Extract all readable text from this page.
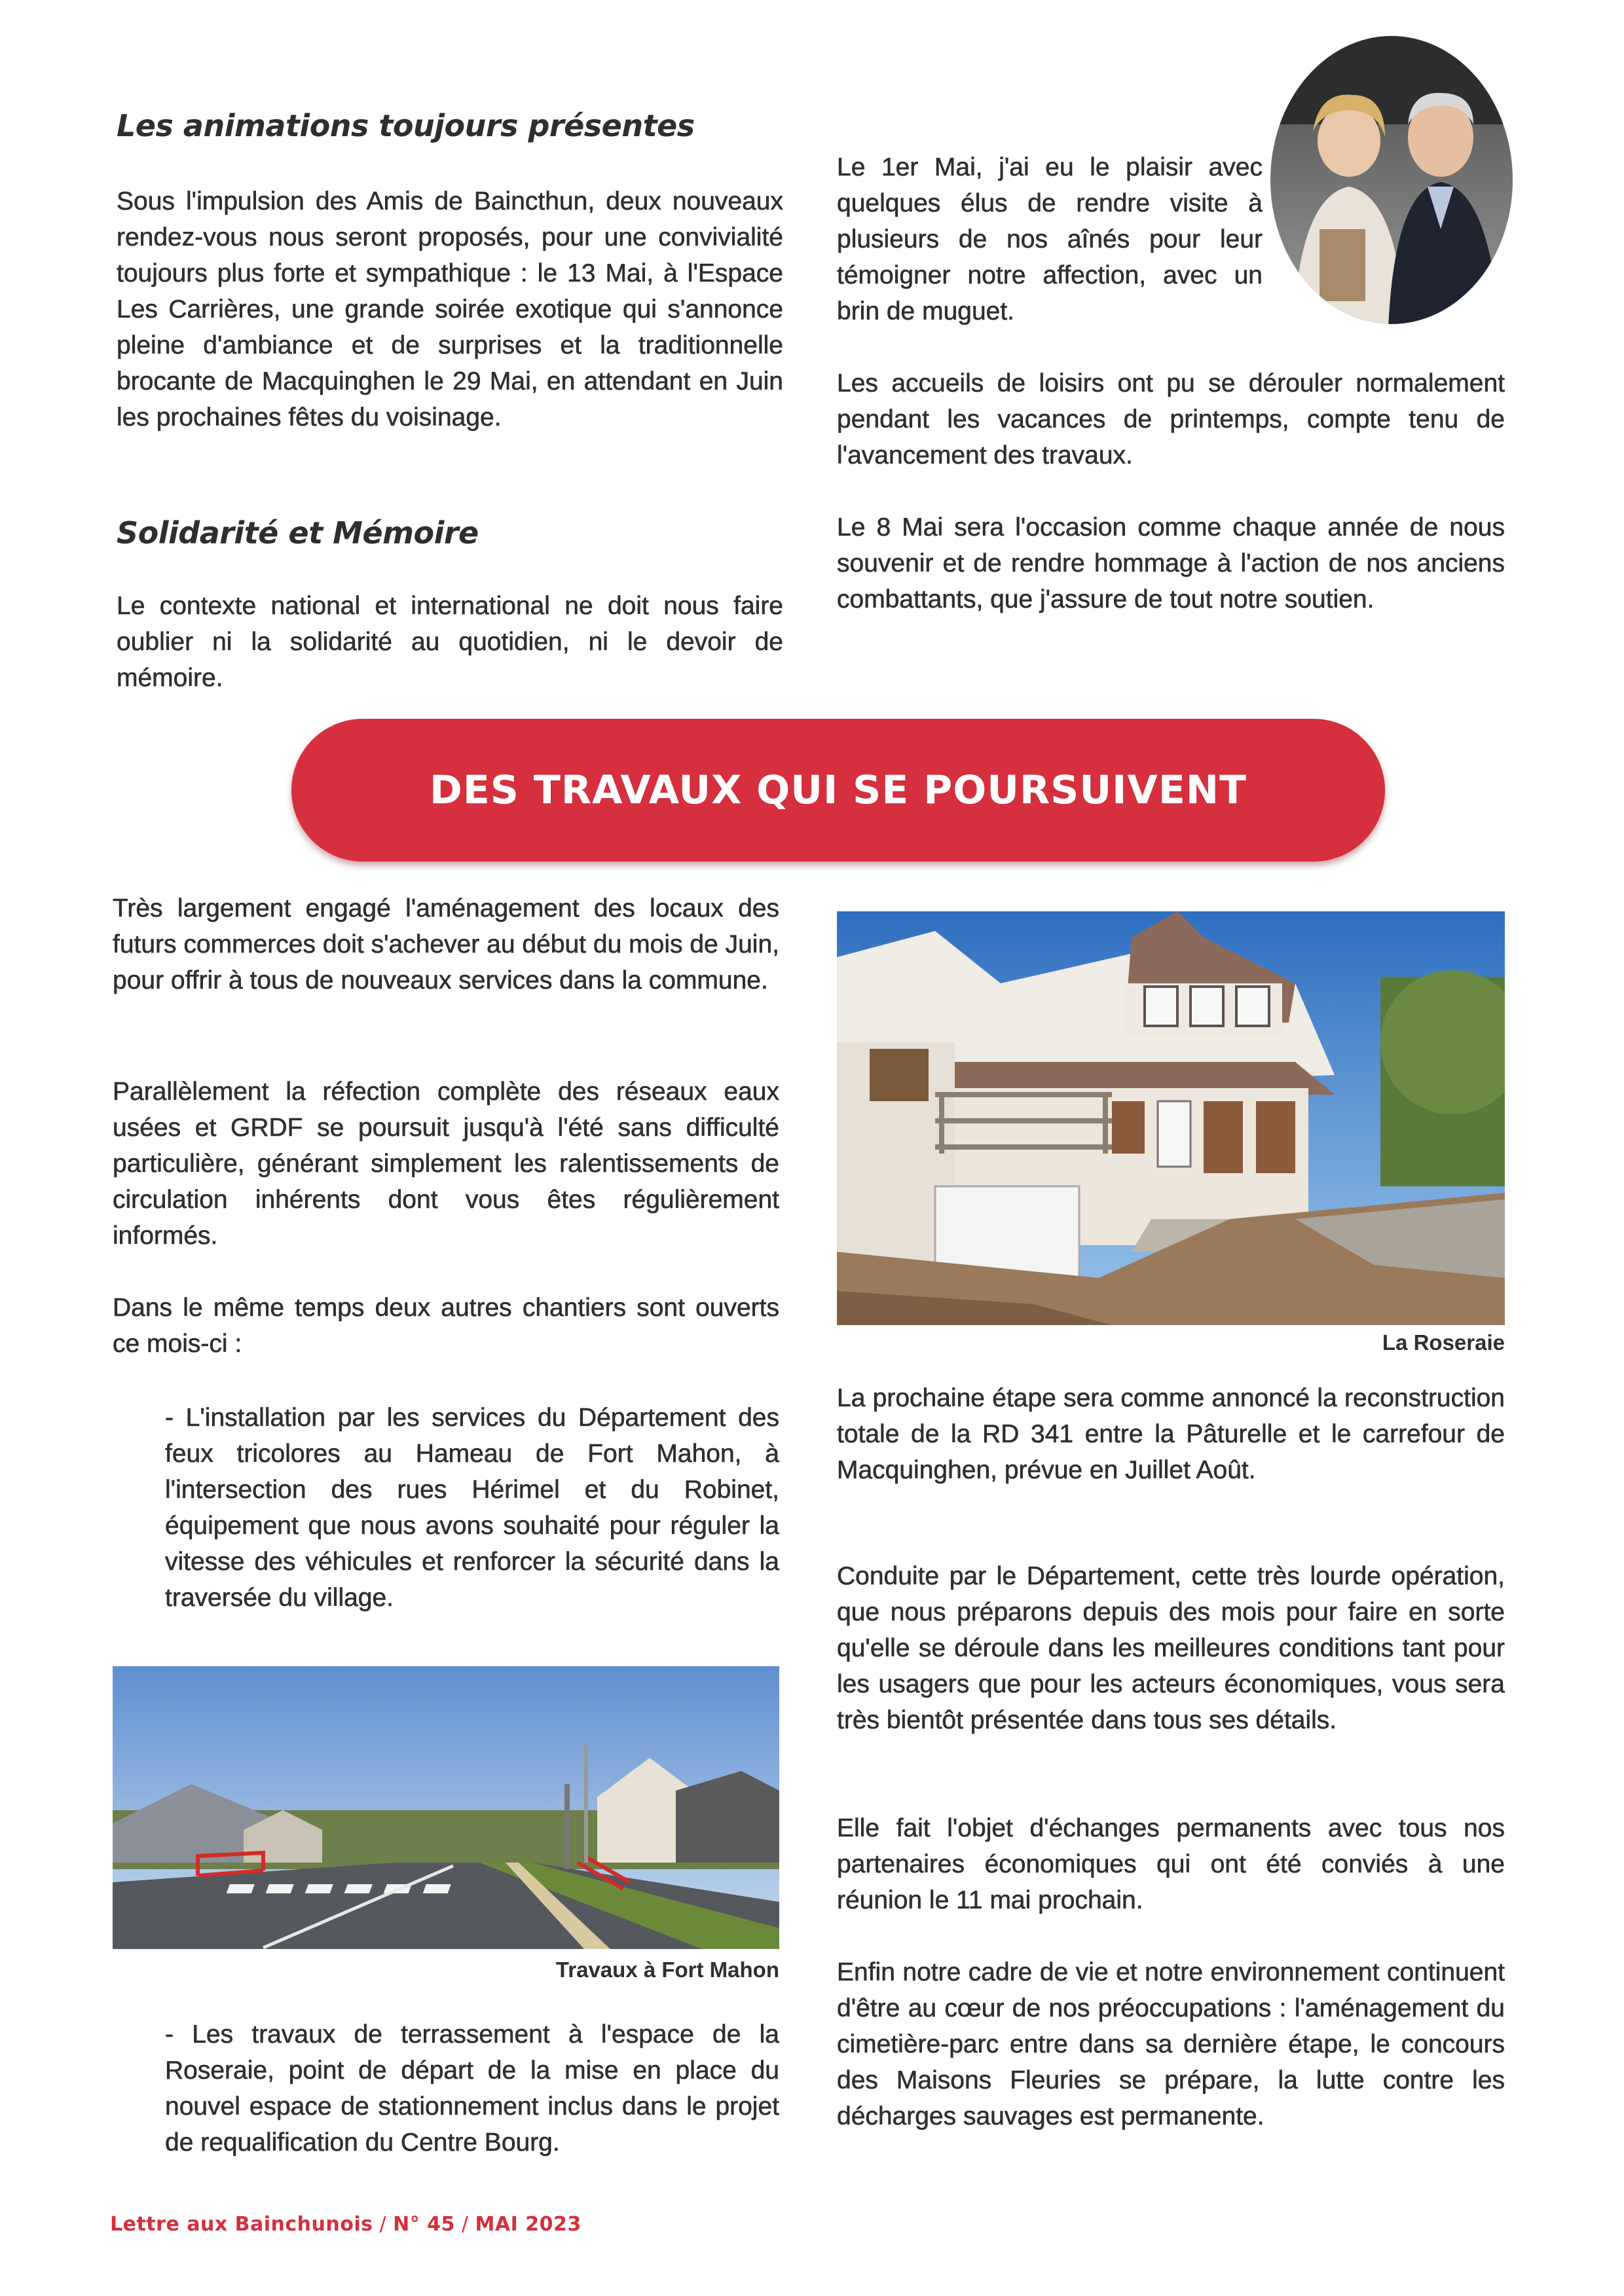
Les animations toujours présentes

Sous l'impulsion des Amis de Baincthun, deux nouveaux rendez-vous nous seront proposés, pour une convivialité toujours plus forte et sympathique : le 13 Mai, à l'Espace Les Carrières, une grande soirée exotique qui s'annonce pleine d'ambiance et de surprises et la traditionnelle brocante de Macquinghen le 29 Mai, en attendant en Juin les prochaines fêtes du voisinage.

Solidarité et Mémoire

Le contexte national et international ne doit nous faire oublier ni la solidarité au quotidien, ni le devoir de mémoire.

Le 1er Mai, j'ai eu le plaisir avec quelques élus de rendre visite à plusieurs de nos aînés pour leur témoigner notre affection, avec un brin de muguet.

Les accueils de loisirs ont pu se dérouler normalement pendant les vacances de printemps, compte tenu de l'avancement des travaux.

Le 8 Mai sera l'occasion comme chaque année de nous souvenir et de rendre hommage à l'action de nos anciens combattants, que j'assure de tout notre soutien.

DES TRAVAUX QUI SE POURSUIVENT

Très largement engagé l'aménagement des locaux des futurs commerces doit s'achever au début du mois de Juin, pour offrir à tous de nouveaux services dans la commune.

Parallèlement la réfection complète des réseaux eaux usées et GRDF se poursuit jusqu'à l'été sans difficulté particulière, générant simplement les ralentissements de circulation inhérents dont vous êtes régulièrement informés.

Dans le même temps deux autres chantiers sont ouverts ce mois-ci :

- L'installation par les services du Département des feux tricolores au Hameau de Fort Mahon, à l'intersection des rues Hérimel et du Robinet, équipement que nous avons souhaité pour réguler la vitesse des véhicules et renforcer la sécurité dans la traversée du village.

Travaux à Fort Mahon

- Les travaux de terrassement à l'espace de la Roseraie, point de départ de la mise en place du nouvel espace de stationnement inclus dans le projet de requalification du Centre Bourg.

La Roseraie

La prochaine étape sera comme annoncé la reconstruction totale de la RD 341 entre la Pâturelle et le carrefour de Macquinghen, prévue en Juillet Août.

Conduite par le Département, cette très lourde opération, que nous préparons depuis des mois pour faire en sorte qu'elle se déroule dans les meilleures conditions tant pour les usagers que pour les acteurs économiques, vous sera très bientôt présentée dans tous ses détails.

Elle fait l'objet d'échanges permanents avec tous nos partenaires économiques qui ont été conviés à une réunion le 11 mai prochain.

Enfin notre cadre de vie et notre environnement continuent d'être au cœur de nos préoccupations : l'aménagement du cimetière-parc entre dans sa dernière étape, le concours des Maisons Fleuries se prépare, la lutte contre les décharges sauvages est permanente.

Lettre aux Bainchunois / N° 45 / MAI 2023
